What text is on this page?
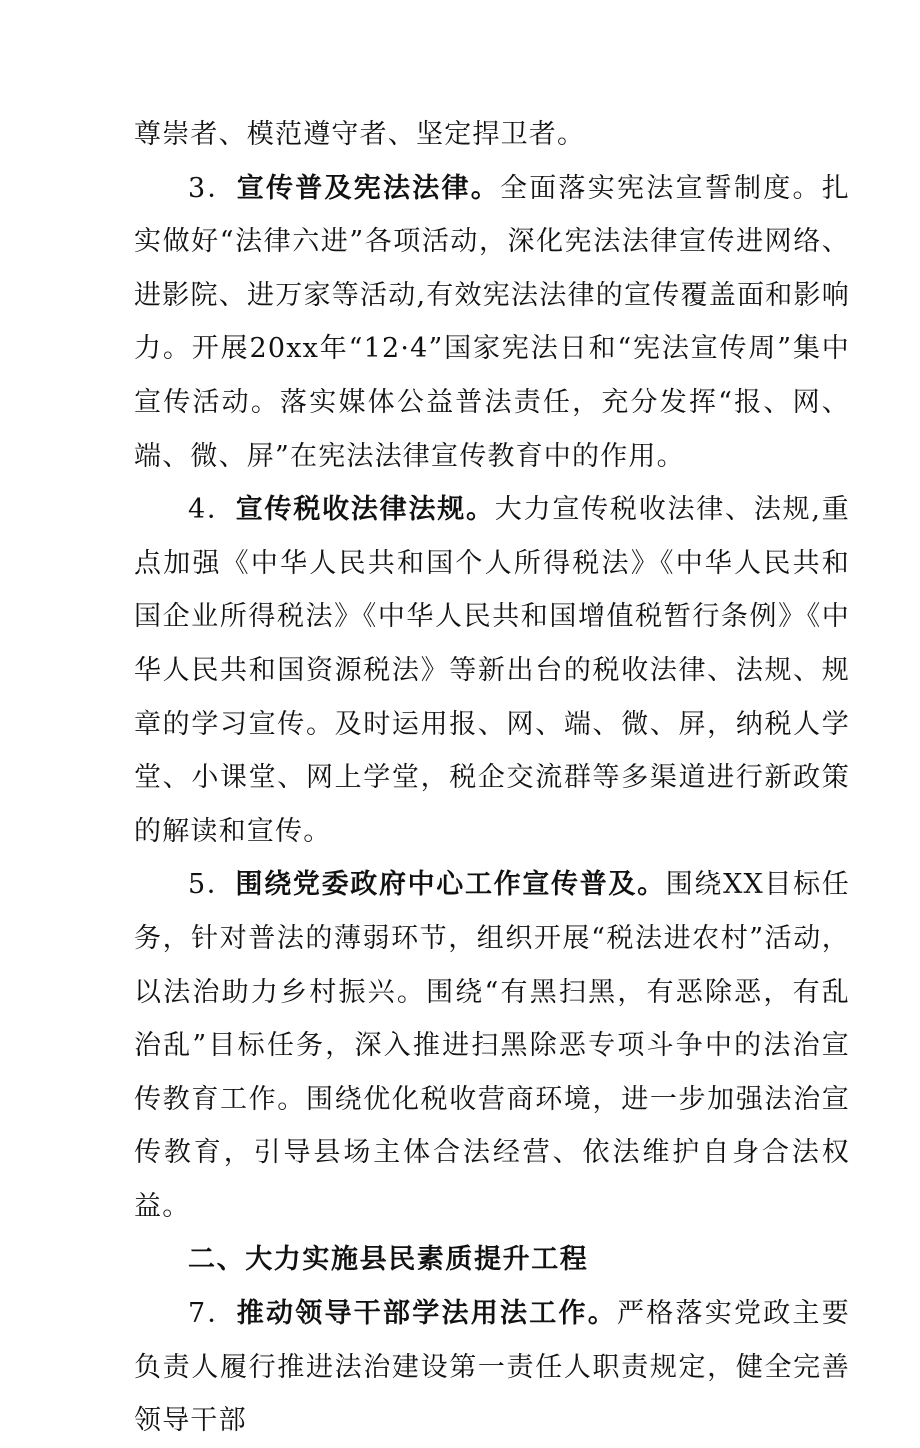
尊崇者、模范遵守者、坚定捍卫者。

3．宣传普及宪法法律。全面落实宪法宣誓制度。扎实做好“法律六进”各项活动，深化宪法法律宣传进网络、进影院、进万家等活动,有效宪法法律的宣传覆盖面和影响力。开展20xx年“12·4”国家宪法日和“宪法宣传周”集中宣传活动。落实媒体公益普法责任，充分发挥“报、网、端、微、屏”在宪法法律宣传教育中的作用。

4．宣传税收法律法规。大力宣传税收法律、法规,重点加强《中华人民共和国个人所得税法》《中华人民共和国企业所得税法》《中华人民共和国增值税暂行条例》《中华人民共和国资源税法》等新出台的税收法律、法规、规章的学习宣传。及时运用报、网、端、微、屏，纳税人学堂、小课堂、网上学堂，税企交流群等多渠道进行新政策的解读和宣传。

5．围绕党委政府中心工作宣传普及。围绕XX目标任务，针对普法的薄弱环节，组织开展“税法进农村”活动，以法治助力乡村振兴。围绕“有黑扫黑，有恶除恶，有乱治乱”目标任务，深入推进扫黑除恶专项斗争中的法治宣传教育工作。围绕优化税收营商环境，进一步加强法治宣传教育，引导县场主体合法经营、依法维护自身合法权益。

二、大力实施县民素质提升工程

7．推动领导干部学法用法工作。严格落实党政主要负责人履行推进法治建设第一责任人职责规定，健全完善领导干部
